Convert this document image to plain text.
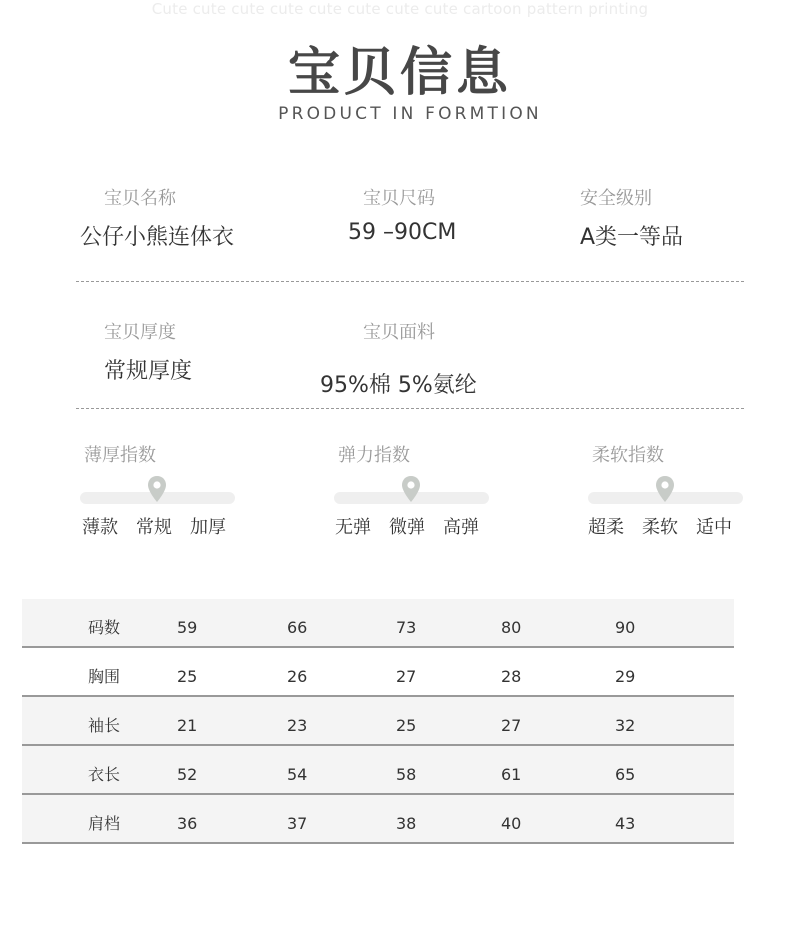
Cute cute cute cute cute cute cute cute cartoon pattern printing
宝贝信息
PRODUCT IN FORMTION
宝贝名称
公仔小熊连体衣
宝贝尺码
59 –90CM
安全级别
A类一等品
宝贝厚度
常规厚度
宝贝面料
95%棉 5%氨纶
薄厚指数
薄款 常规 加厚
弹力指数
无弹 微弹 高弹
柔软指数
超柔 柔软 适中
码数	59	66	73	80	90
胸围	25	26	27	28	29
袖长	21	23	25	27	32
衣长	52	54	58	61	65
肩档	36	37	38	40	43
